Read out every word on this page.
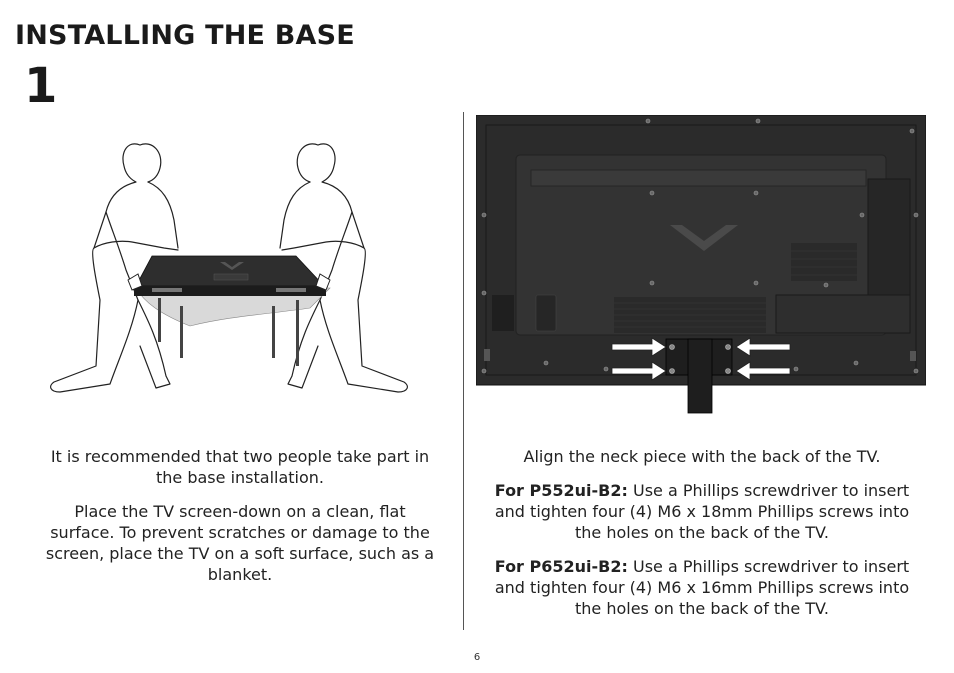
INSTALLING THE BASE
1

It is recommended that two people take part in the base installation.

Place the TV screen-down on a clean, flat surface. To prevent scratches or damage to the screen, place the TV on a soft surface, such as a blanket.

Align the neck piece with the back of the TV.

For P552ui-B2: Use a Phillips screwdriver to insert and tighten four (4) M6 x 18mm Phillips screws into the holes on the back of the TV.

For P652ui-B2: Use a Phillips screwdriver to insert and tighten four (4) M6 x 16mm Phillips screws into the holes on the back of the TV.

6
